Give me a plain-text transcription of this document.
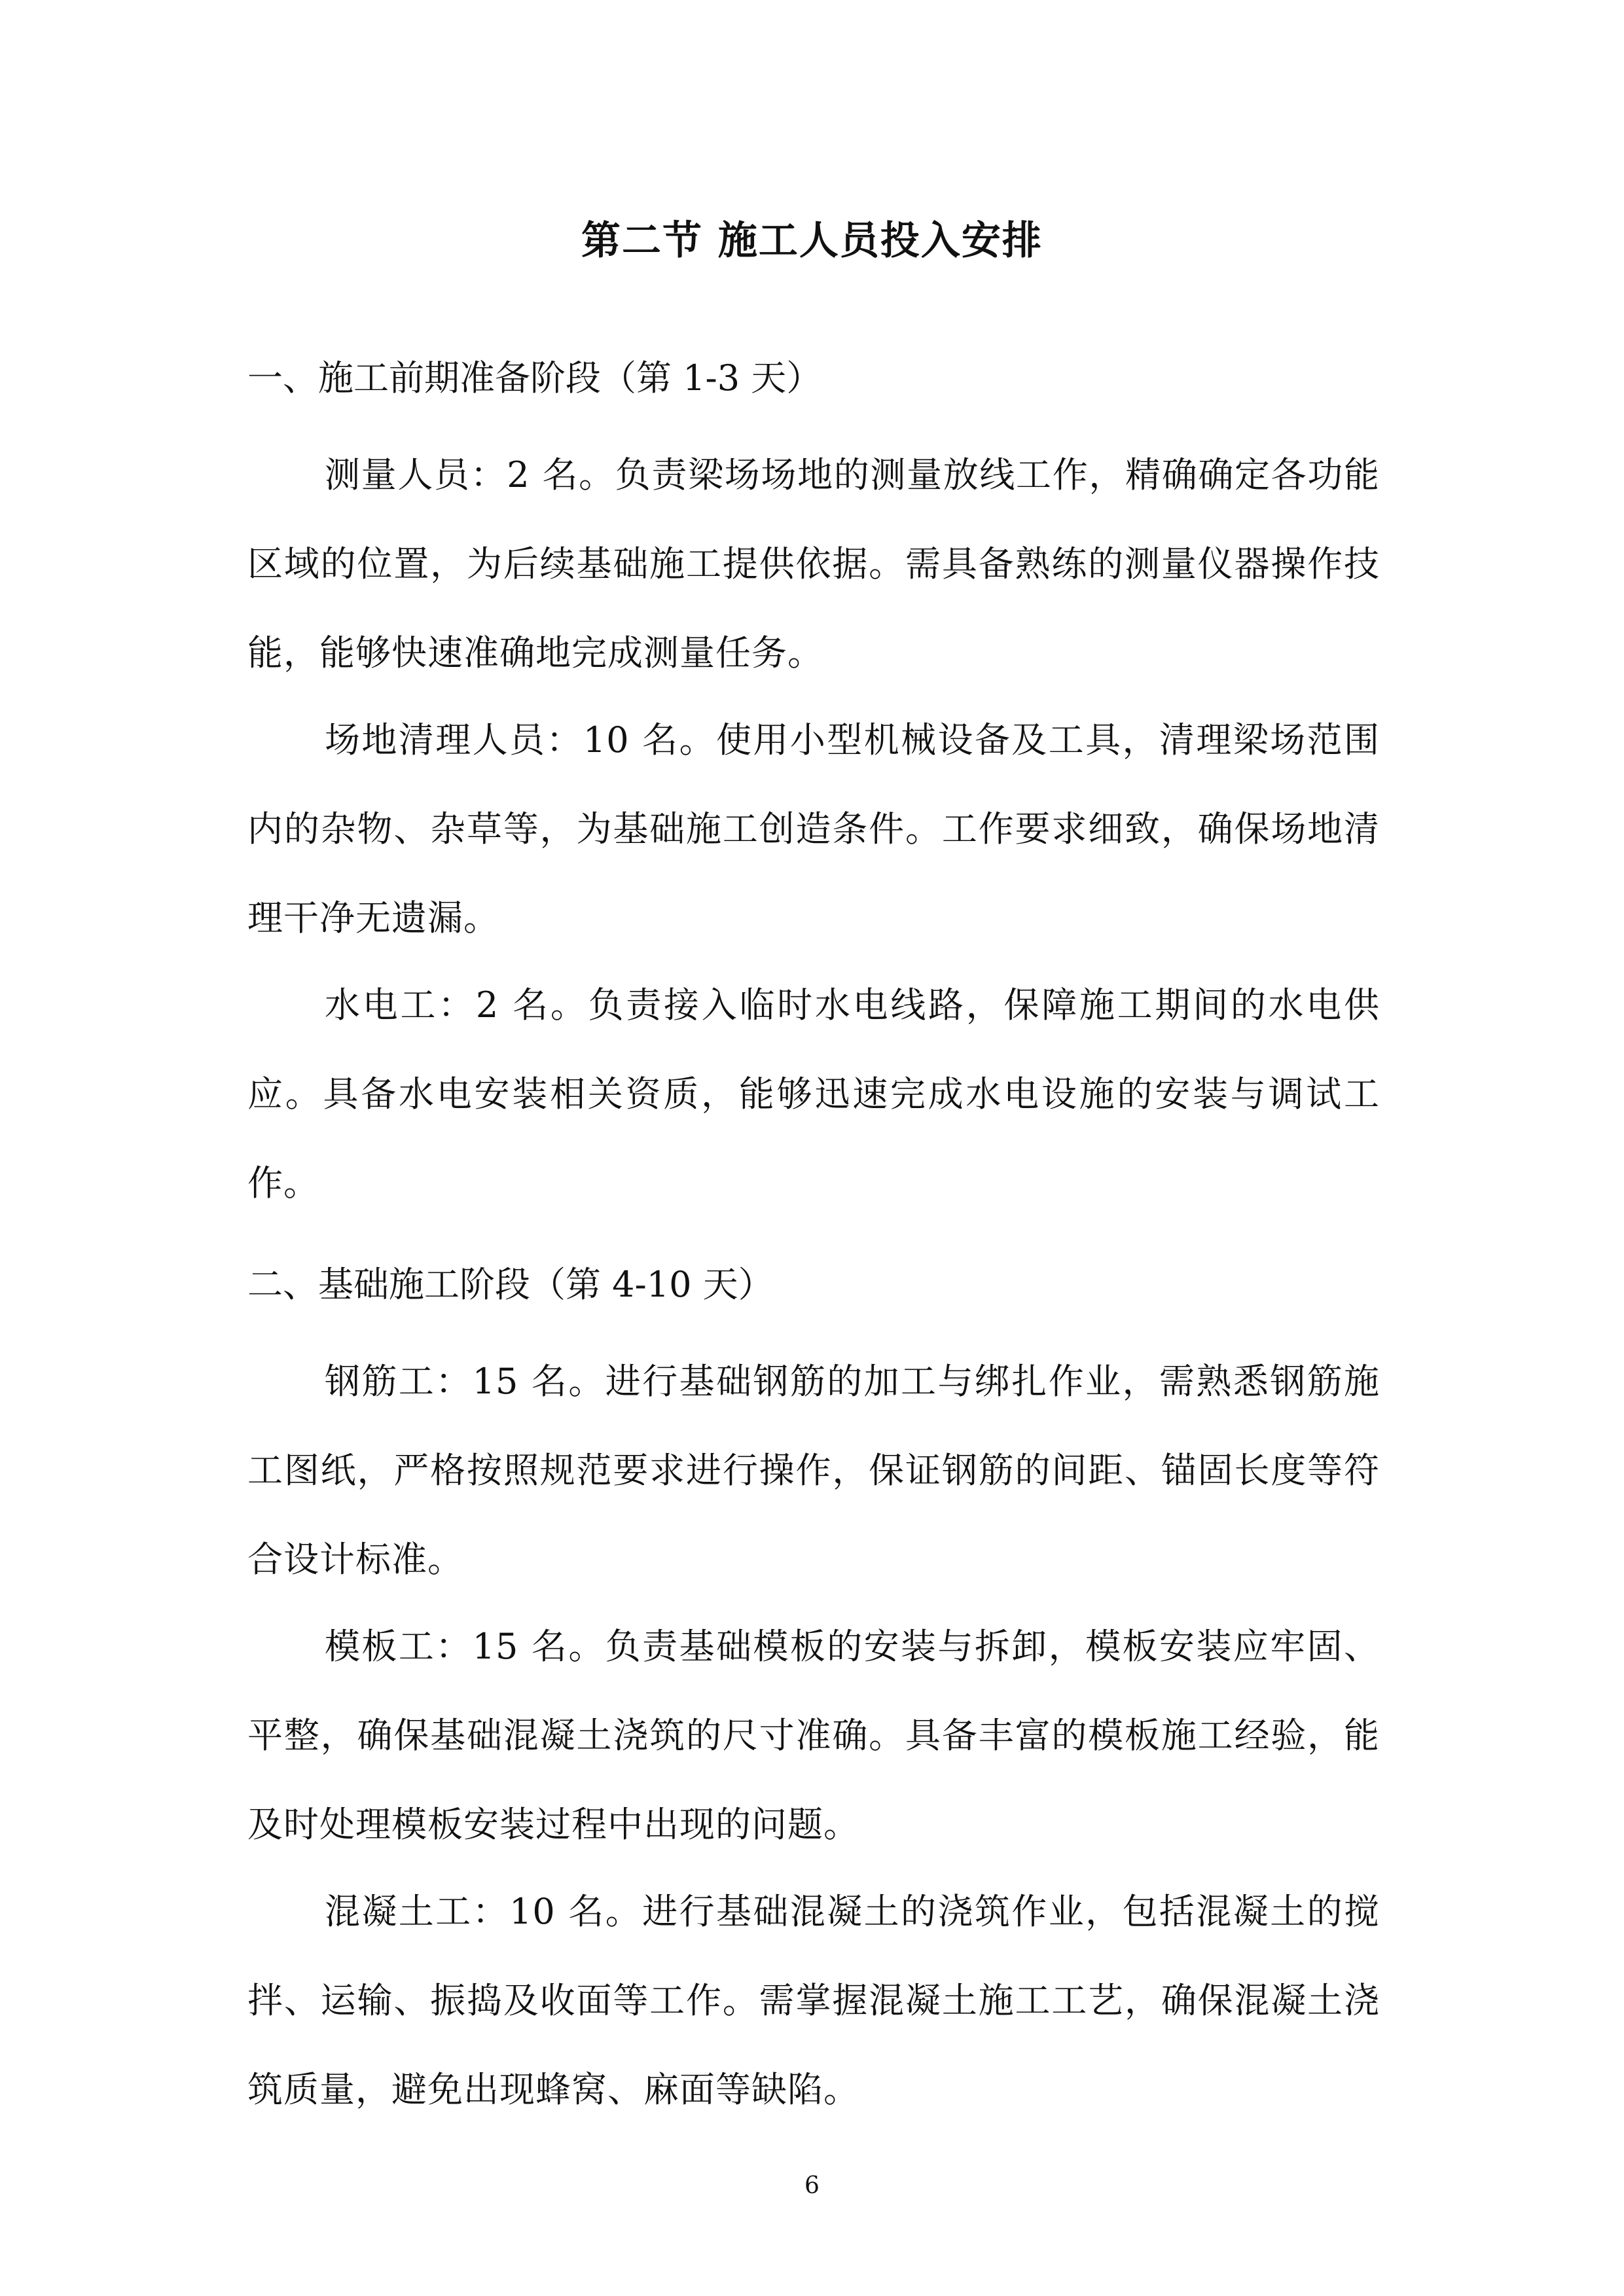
第二节 施工人员投入安排
一、施工前期准备阶段（第 1-3 天）

测量人员：2 名。负责梁场场地的测量放线工作，精确确定各功能区域的位置，为后续基础施工提供依据。需具备熟练的测量仪器操作技能，能够快速准确地完成测量任务。

场地清理人员：10 名。使用小型机械设备及工具，清理梁场范围内的杂物、杂草等，为基础施工创造条件。工作要求细致，确保场地清理干净无遗漏。

水电工：2 名。负责接入临时水电线路，保障施工期间的水电供应。具备水电安装相关资质，能够迅速完成水电设施的安装与调试工作。

二、基础施工阶段（第 4-10 天）

钢筋工：15 名。进行基础钢筋的加工与绑扎作业，需熟悉钢筋施工图纸，严格按照规范要求进行操作，保证钢筋的间距、锚固长度等符合设计标准。

模板工：15 名。负责基础模板的安装与拆卸，模板安装应牢固、平整，确保基础混凝土浇筑的尺寸准确。具备丰富的模板施工经验，能及时处理模板安装过程中出现的问题。

混凝土工：10 名。进行基础混凝土的浇筑作业，包括混凝土的搅拌、运输、振捣及收面等工作。需掌握混凝土施工工艺，确保混凝土浇筑质量，避免出现蜂窝、麻面等缺陷。

6
